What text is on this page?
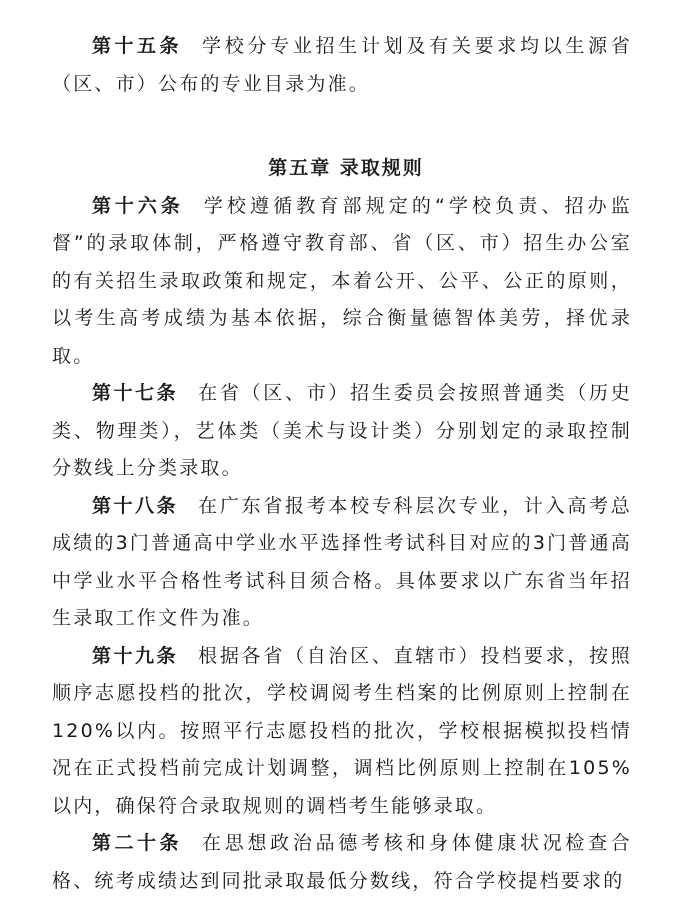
第十五条 学校分专业招生计划及有关要求均以生源省（区、市）公布的专业目录为准。

第五章 录取规则

第十六条 学校遵循教育部规定的“学校负责、招办监督”的录取体制，严格遵守教育部、省（区、市）招生办公室的有关招生录取政策和规定，本着公开、公平、公正的原则，以考生高考成绩为基本依据，综合衡量德智体美劳，择优录取。

第十七条 在省（区、市）招生委员会按照普通类（历史类、物理类），艺体类（美术与设计类）分别划定的录取控制分数线上分类录取。

第十八条 在广东省报考本校专科层次专业，计入高考总成绩的3门普通高中学业水平选择性考试科目对应的3门普通高中学业水平合格性考试科目须合格。具体要求以广东省当年招生录取工作文件为准。

第十九条 根据各省（自治区、直辖市）投档要求，按照顺序志愿投档的批次，学校调阅考生档案的比例原则上控制在120%以内。按照平行志愿投档的批次，学校根据模拟投档情况在正式投档前完成计划调整，调档比例原则上控制在105%以内，确保符合录取规则的调档考生能够录取。

第二十条 在思想政治品德考核和身体健康状况检查合格、统考成绩达到同批录取最低分数线，符合学校提档要求的
